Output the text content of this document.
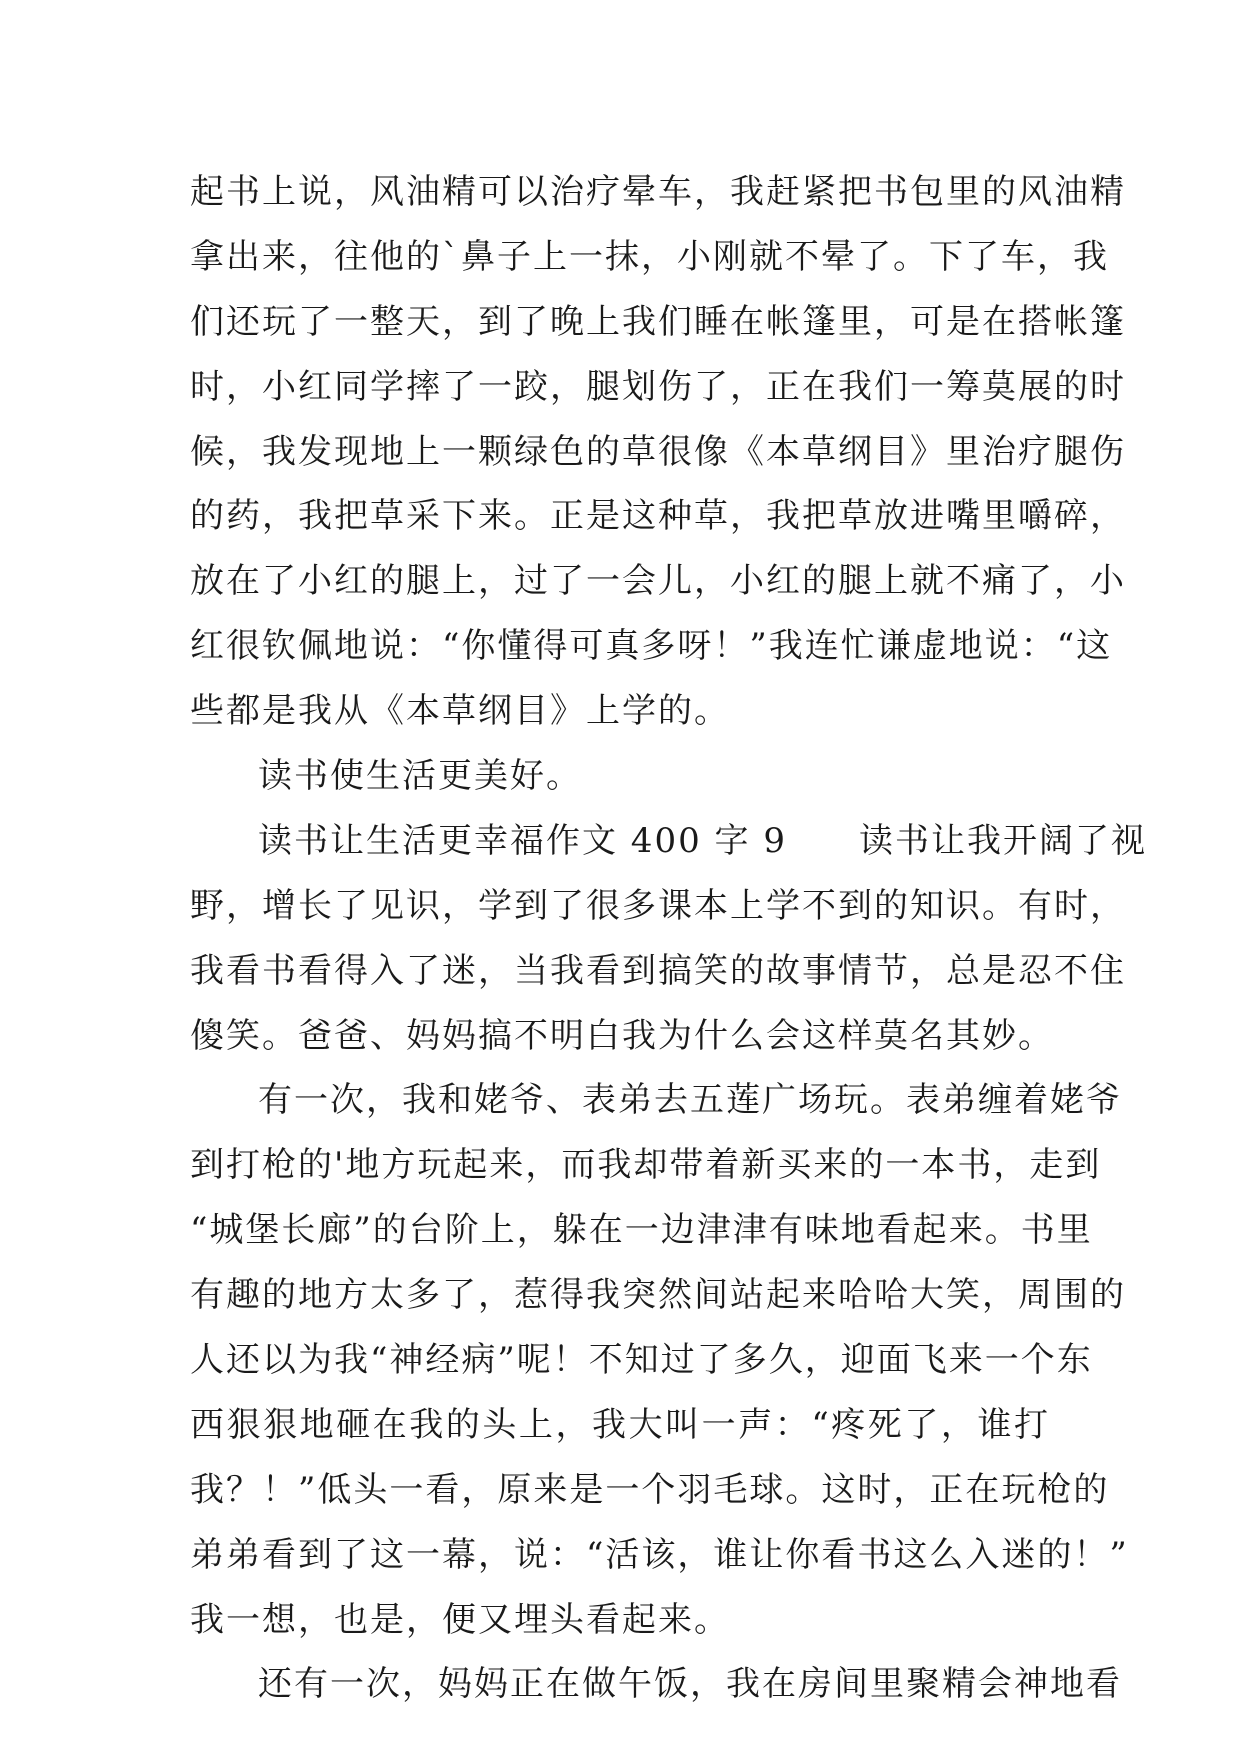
起书上说，风油精可以治疗晕车，我赶紧把书包里的风油精
拿出来，往他的`鼻子上一抹，小刚就不晕了。下了车，我
们还玩了一整天，到了晚上我们睡在帐篷里，可是在搭帐篷
时，小红同学摔了一跤，腿划伤了，正在我们一筹莫展的时
候，我发现地上一颗绿色的草很像《本草纲目》里治疗腿伤
的药，我把草采下来。正是这种草，我把草放进嘴里嚼碎，
放在了小红的腿上，过了一会儿，小红的腿上就不痛了，小
红很钦佩地说：“你懂得可真多呀！”我连忙谦虚地说：“这
些都是我从《本草纲目》上学的。
读书使生活更美好。
读书让生活更幸福作文 400 字 9　　读书让我开阔了视
野，增长了见识，学到了很多课本上学不到的知识。有时，
我看书看得入了迷，当我看到搞笑的故事情节，总是忍不住
傻笑。爸爸、妈妈搞不明白我为什么会这样莫名其妙。
有一次，我和姥爷、表弟去五莲广场玩。表弟缠着姥爷
到打枪的'地方玩起来，而我却带着新买来的一本书，走到
“城堡长廊”的台阶上，躲在一边津津有味地看起来。书里
有趣的地方太多了，惹得我突然间站起来哈哈大笑，周围的
人还以为我“神经病”呢！不知过了多久，迎面飞来一个东
西狠狠地砸在我的头上，我大叫一声：“疼死了，谁打
我？！”低头一看，原来是一个羽毛球。这时，正在玩枪的
弟弟看到了这一幕，说：“活该，谁让你看书这么入迷的！”
我一想，也是，便又埋头看起来。
还有一次，妈妈正在做午饭，我在房间里聚精会神地看
